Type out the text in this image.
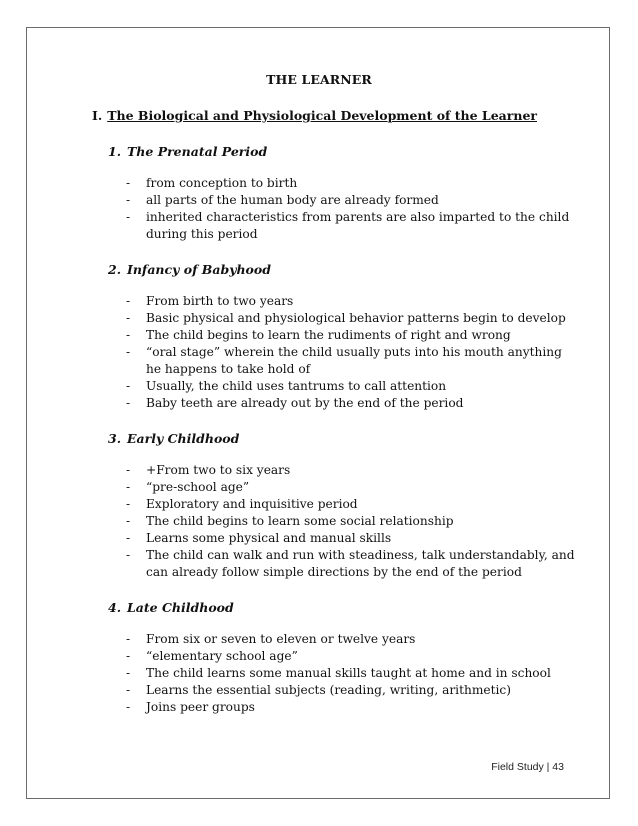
THE LEARNER
I. The Biological and Physiological Development of the Learner
1. The Prenatal Period
- from conception to birth
- all parts of the human body are already formed
- inherited characteristics from parents are also imparted to the child during this period
2. Infancy of Babyhood
- From birth to two years
- Basic physical and physiological behavior patterns begin to develop
- The child begins to learn the rudiments of right and wrong
- “oral stage” wherein the child usually puts into his mouth anything he happens to take hold of
- Usually, the child uses tantrums to call attention
- Baby teeth are already out by the end of the period
3. Early Childhood
- +From two to six years
- “pre-school age”
- Exploratory and inquisitive period
- The child begins to learn some social relationship
- Learns some physical and manual skills
- The child can walk and run with steadiness, talk understandably, and can already follow simple directions by the end of the period
4. Late Childhood
- From six or seven to eleven or twelve years
- “elementary school age”
- The child learns some manual skills taught at home and in school
- Learns the essential subjects (reading, writing, arithmetic)
- Joins peer groups
Field Study | 43
